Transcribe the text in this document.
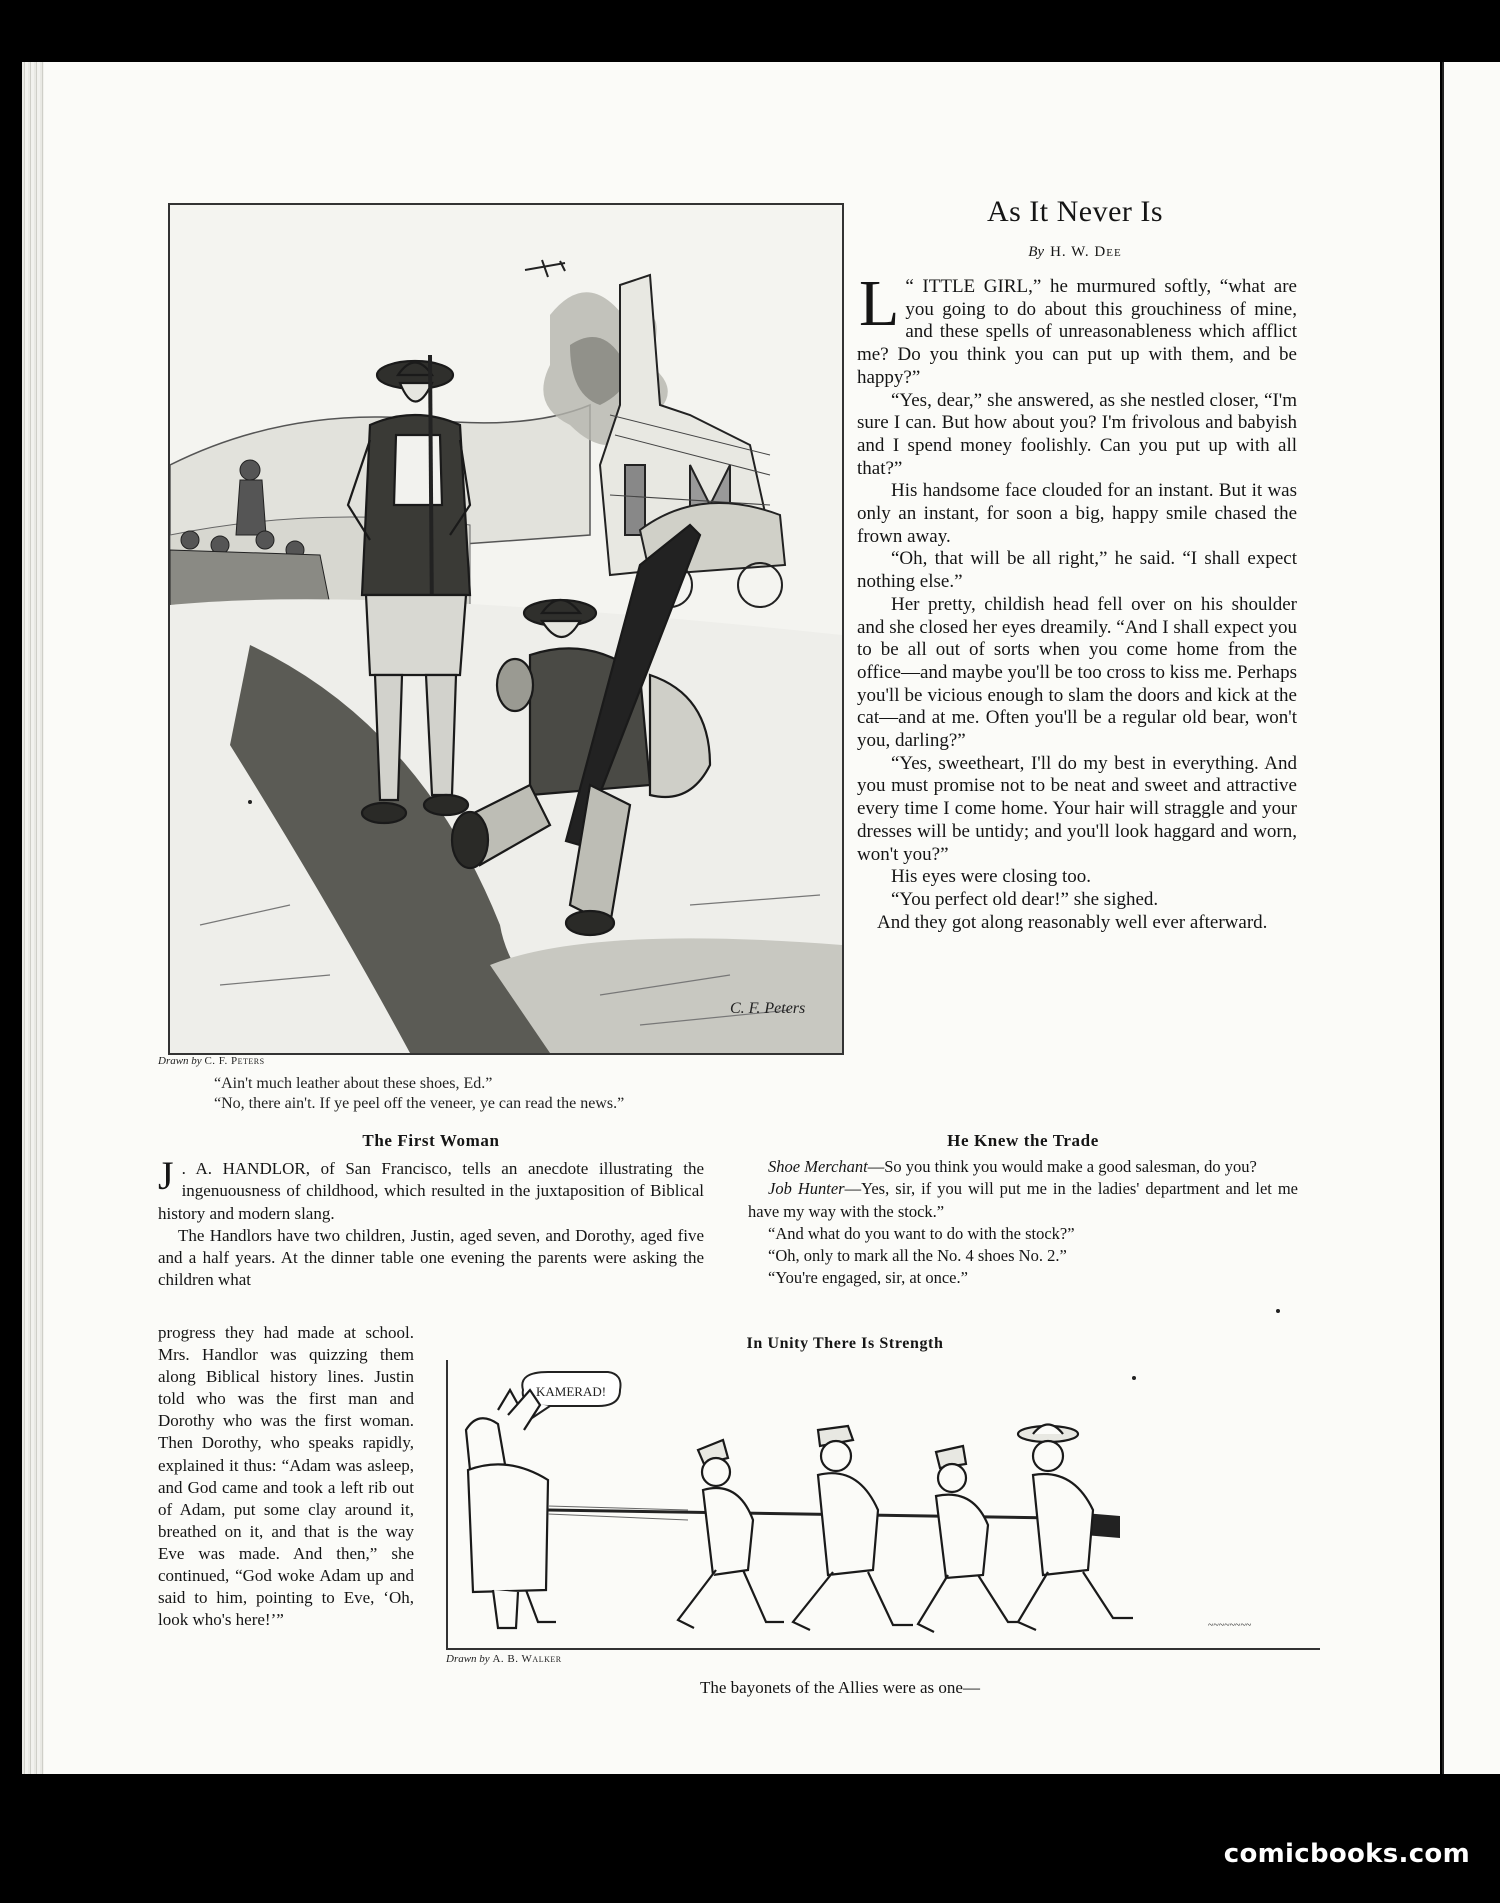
C. F. Peters
Drawn by C. F. Peters
“Ain't much leather about these shoes, Ed.”
“No, there ain't. If ye peel off the veneer, ye can read the news.”
As It Never Is
By H. W. Dee

L “ ITTLE GIRL,” he murmured softly, “what are you going to do about this grouchiness of mine, and these spells of unreasonableness which afflict me? Do you think you can put up with them, and be happy?”

“Yes, dear,” she answered, as she nestled closer, “I'm sure I can. But how about you? I'm frivolous and babyish and I spend money foolishly. Can you put up with all that?”

His handsome face clouded for an instant. But it was only an instant, for soon a big, happy smile chased the frown away.

“Oh, that will be all right,” he said. “I shall expect nothing else.”

Her pretty, childish head fell over on his shoulder and she closed her eyes dreamily. “And I shall expect you to be all out of sorts when you come home from the office—and maybe you'll be too cross to kiss me. Perhaps you'll be vicious enough to slam the doors and kick at the cat—and at me. Often you'll be a regular old bear, won't you, darling?”

“Yes, sweetheart, I'll do my best in everything. And you must promise not to be neat and sweet and attractive every time I come home. Your hair will straggle and your dresses will be untidy; and you'll look haggard and worn, won't you?”

His eyes were closing too.

“You perfect old dear!” she sighed.

And they got along reasonably well ever afterward.

The First Woman

J . A. HANDLOR, of San Francisco, tells an anecdote illustrating the ingenuousness of childhood, which resulted in the juxtaposition of Biblical history and modern slang.

The Handlors have two children, Justin, aged seven, and Dorothy, aged five and a half years. At the dinner table one evening the parents were asking the children what

progress they had made at school. Mrs. Handlor was quizzing them along Biblical history lines. Justin told who was the first man and Dorothy who was the first woman. Then Dorothy, who speaks rapidly, explained it thus: “Adam was asleep, and God came and took a left rib out of Adam, put some clay around it, breathed on it, and that is the way Eve was made. And then,” she continued, “God woke Adam up and said to him, pointing to Eve, ‘Oh, look who's here!’”
He Knew the Trade

Shoe Merchant—So you think you would make a good salesman, do you?

Job Hunter—Yes, sir, if you will put me in the ladies' department and let me have my way with the stock.”

“And what do you want to do with the stock?”

“Oh, only to mark all the No. 4 shoes No. 2.”

“You're engaged, sir, at once.”

In Unity There Is Strength
KAMERAD!
~~~~~~~~
Drawn by A. B. Walker
The bayonets of the Allies were as one—
comicbooks.com
